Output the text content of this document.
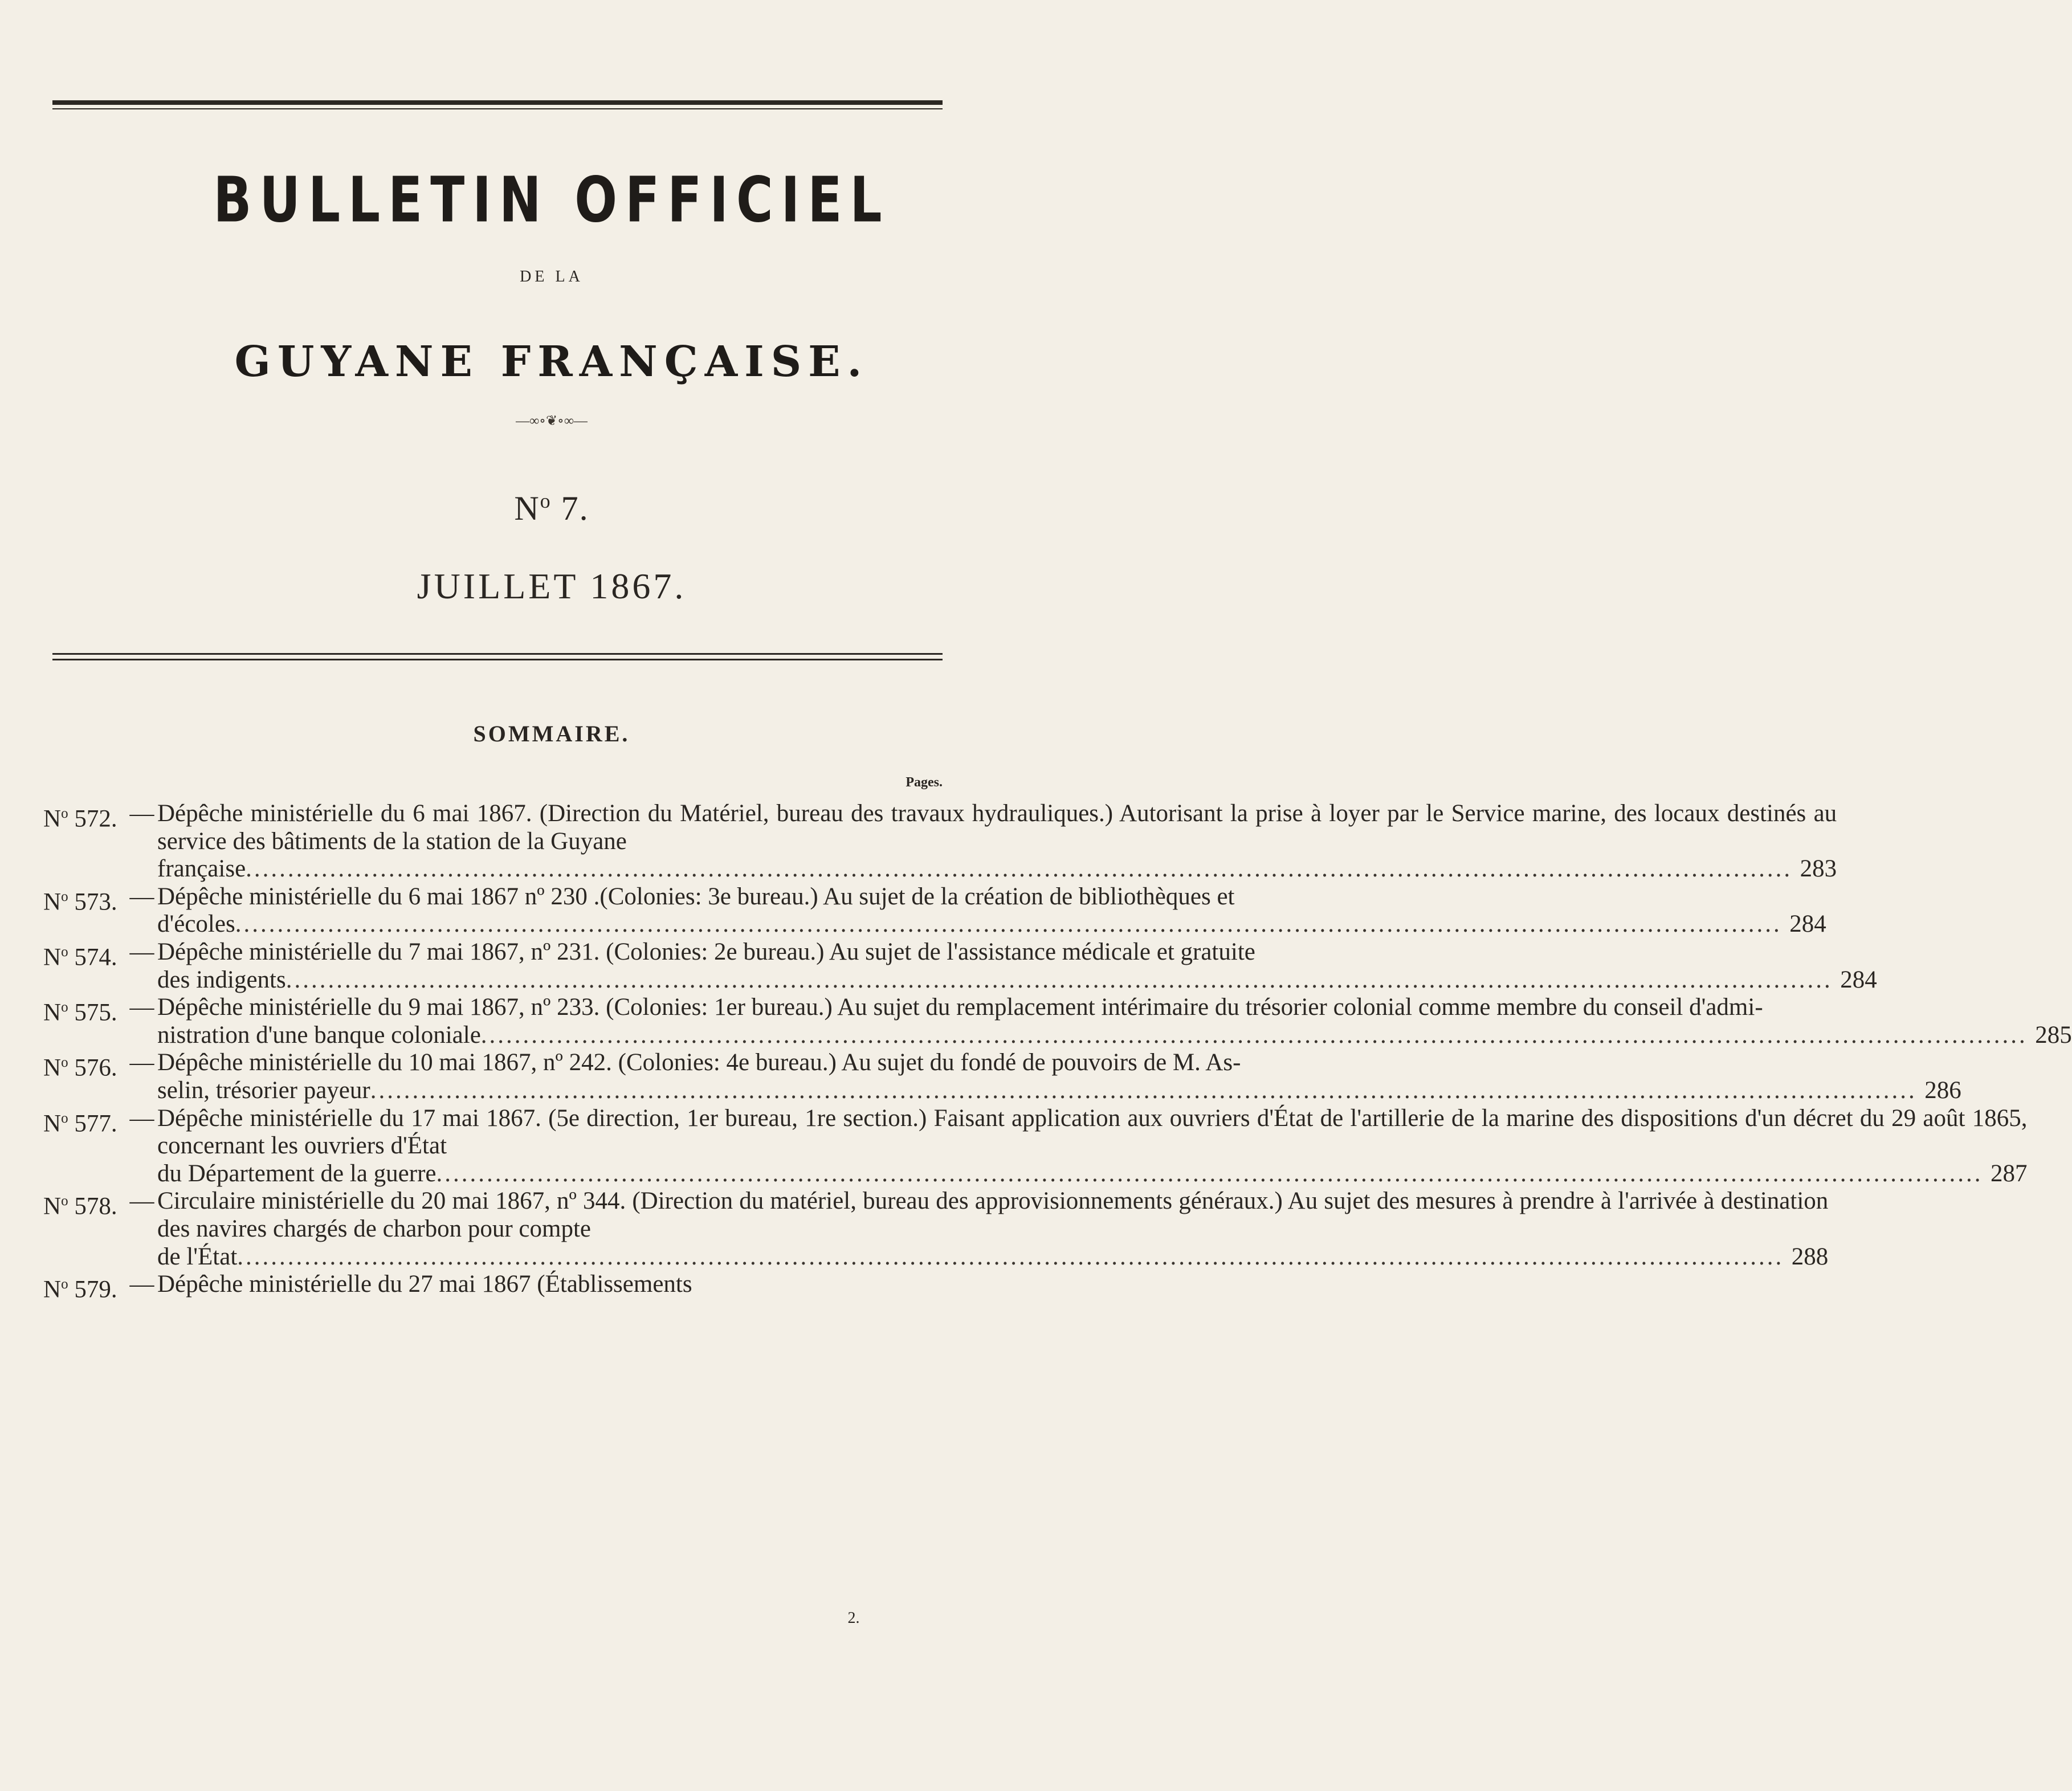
BULLETIN OFFICIEL
DE LA
GUYANE FRANÇAISE.
—∞∘❦∘∞—
$N^o$ 7.
JUILLET 1867.
SOMMAIRE.
Pages.
$N^o$ 572. — Dépêche ministérielle du 6 mai 1867. (Direction du Matériel, bureau des travaux hydrauliques.) Autorisant la prise à loyer par le Service marine, des locaux destinés au service des bâtiments de la station de la Guyane
française .....	283
$N^o$ 573. — Dépêche ministérielle du 6 mai 1867 nº 230 .(Colonies: 3e bureau.) Au sujet de la création de bibliothèques et
d'écoles .....	284
$N^o$ 574. — Dépêche ministérielle du 7 mai 1867, nº 231. (Colonies: 2e bureau.) Au sujet de l'assistance médicale et gratuite
des indigents .....	284
$N^o$ 575. — Dépêche ministérielle du 9 mai 1867, nº 233. (Colonies: 1er bureau.) Au sujet du remplacement intérimaire du trésorier colonial comme membre du conseil d'admi-
nistration d'une banque coloniale .....	285
$N^o$ 576. — Dépêche ministérielle du 10 mai 1867, nº 242. (Colonies: 4e bureau.) Au sujet du fondé de pouvoirs de M. As-
selin, trésorier payeur .....	286
$N^o$ 577. — Dépêche ministérielle du 17 mai 1867. (5e direction, 1er bureau, 1re section.) Faisant application aux ouvriers d'État de l'artillerie de la marine des dispositions d'un décret du 29 août 1865, concernant les ouvriers d'État
du Département de la guerre .....	287
$N^o$ 578. — Circulaire ministérielle du 20 mai 1867, nº 344. (Direction du matériel, bureau des approvisionnements généraux.) Au sujet des mesures à prendre à l'arrivée à destination des navires chargés de charbon pour compte
de l'État .....	288
$N^o$ 579. — Dépêche ministérielle du 27 mai 1867 (Établissements
2.
